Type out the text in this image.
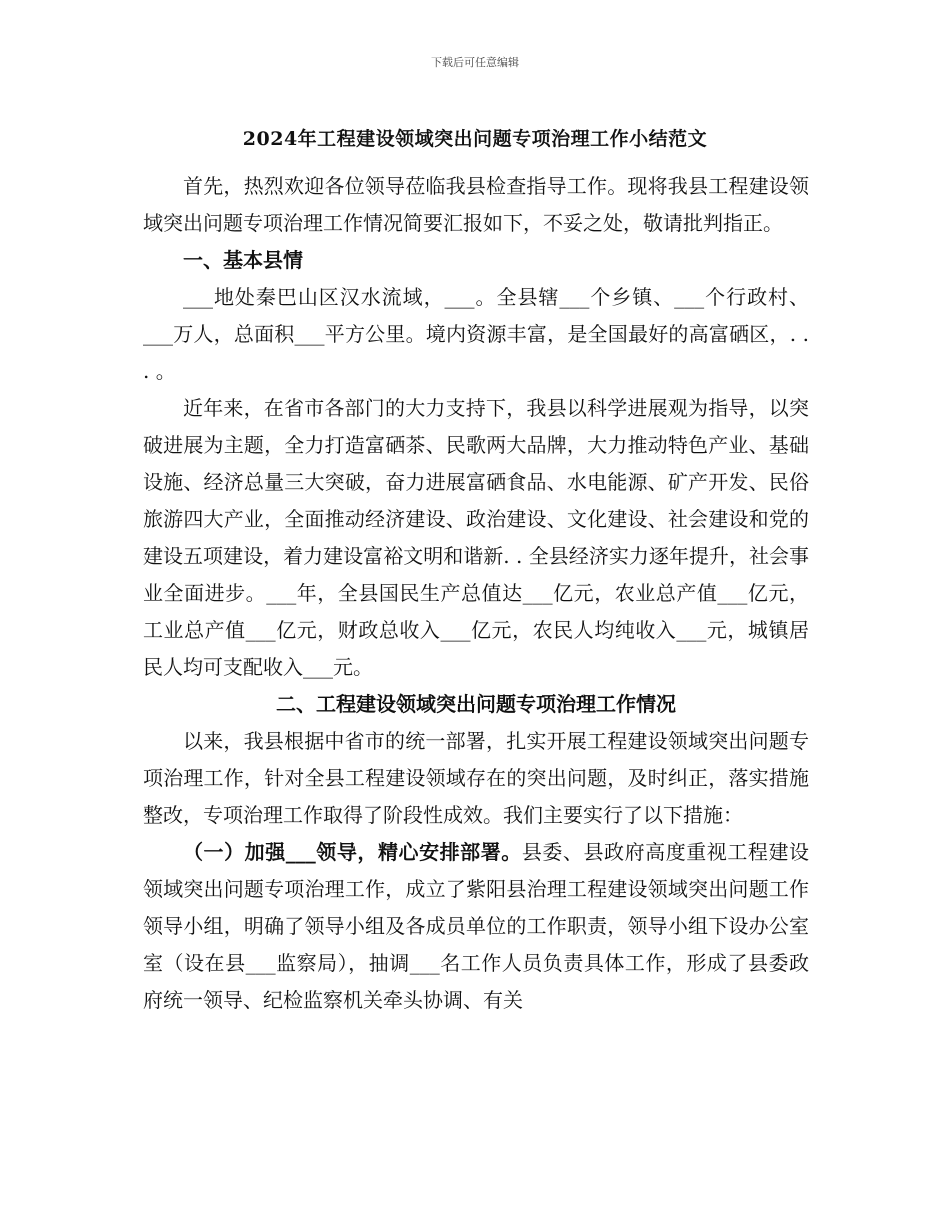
下载后可任意编辑
2024年工程建设领域突出问题专项治理工作小结范文

首先，热烈欢迎各位领导莅临我县检查指导工作。现将我县工程建设领域突出问题专项治理工作情况简要汇报如下，不妥之处，敬请批判指正。

一、基本县情

___地处秦巴山区汉水流域，___。全县辖___个乡镇、___个行政村、___万人，总面积___平方公里。境内资源丰富，是全国最好的高富硒区，. . . 。

近年来，在省市各部门的大力支持下，我县以科学进展观为指导，以突破进展为主题，全力打造富硒茶、民歌两大品牌，大力推动特色产业、基础设施、经济总量三大突破，奋力进展富硒食品、水电能源、矿产开发、民俗旅游四大产业，全面推动经济建设、政治建设、文化建设、社会建设和党的建设五项建设，着力建设富裕文明和谐新. . 全县经济实力逐年提升，社会事业全面进步。___年，全县国民生产总值达___亿元，农业总产值___亿元，工业总产值___亿元，财政总收入___亿元，农民人均纯收入___元，城镇居民人均可支配收入___元。

二、工程建设领域突出问题专项治理工作情况

以来，我县根据中省市的统一部署，扎实开展工程建设领域突出问题专项治理工作，针对全县工程建设领域存在的突出问题，及时纠正，落实措施整改，专项治理工作取得了阶段性成效。我们主要实行了以下措施：

（一）加强___领导，精心安排部署。县委、县政府高度重视工程建设领域突出问题专项治理工作，成立了紫阳县治理工程建设领域突出问题工作领导小组，明确了领导小组及各成员单位的工作职责，领导小组下设办公室室（设在县___监察局），抽调___名工作人员负责具体工作，形成了县委政府统一领导、纪检监察机关牵头协调、有关
